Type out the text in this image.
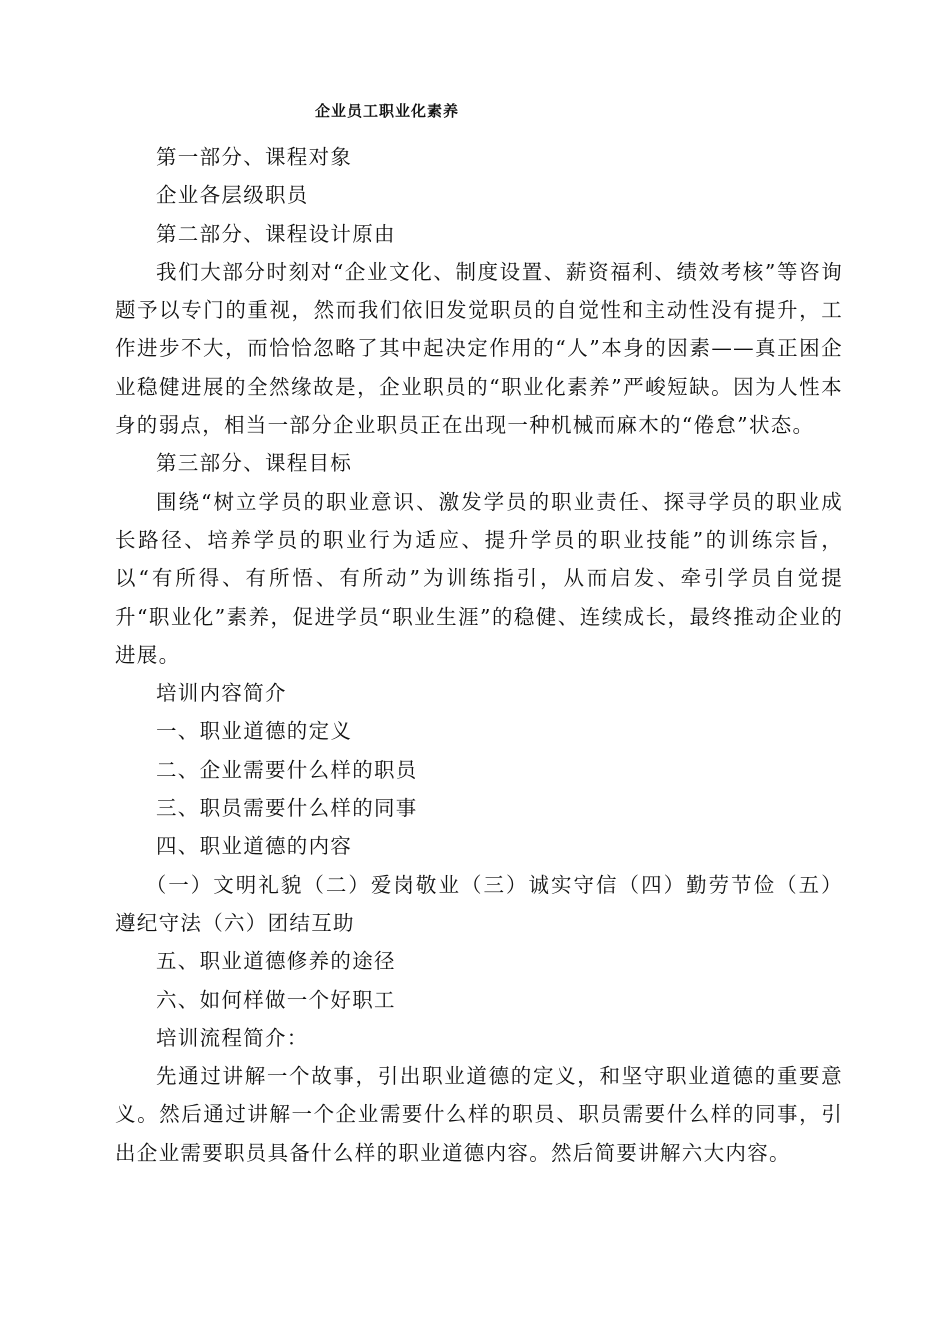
企业员工职业化素养

第一部分、课程对象

企业各层级职员

第二部分、课程设计原由

我们大部分时刻对“企业文化、制度设置、薪资福利、绩效考核”等咨询题予以专门的重视，然而我们依旧发觉职员的自觉性和主动性没有提升，工作进步不大，而恰恰忽略了其中起决定作用的“人”本身的因素——真正困企业稳健进展的全然缘故是，企业职员的“职业化素养”严峻短缺。因为人性本身的弱点，相当一部分企业职员正在出现一种机械而麻木的“倦怠”状态。

第三部分、课程目标

围绕“树立学员的职业意识、激发学员的职业责任、探寻学员的职业成长路径、培养学员的职业行为适应、提升学员的职业技能”的训练宗旨，以“有所得、有所悟、有所动”为训练指引，从而启发、牵引学员自觉提升“职业化”素养，促进学员“职业生涯”的稳健、连续成长，最终推动企业的进展。

培训内容简介

一、职业道德的定义

二、企业需要什么样的职员

三、职员需要什么样的同事

四、职业道德的内容

（一）文明礼貌（二）爱岗敬业（三）诚实守信（四）勤劳节俭（五）遵纪守法（六）团结互助

五、职业道德修养的途径

六、如何样做一个好职工

培训流程简介：

先通过讲解一个故事，引出职业道德的定义，和坚守职业道德的重要意义。然后通过讲解一个企业需要什么样的职员、职员需要什么样的同事，引出企业需要职员具备什么样的职业道德内容。然后简要讲解六大内容。
